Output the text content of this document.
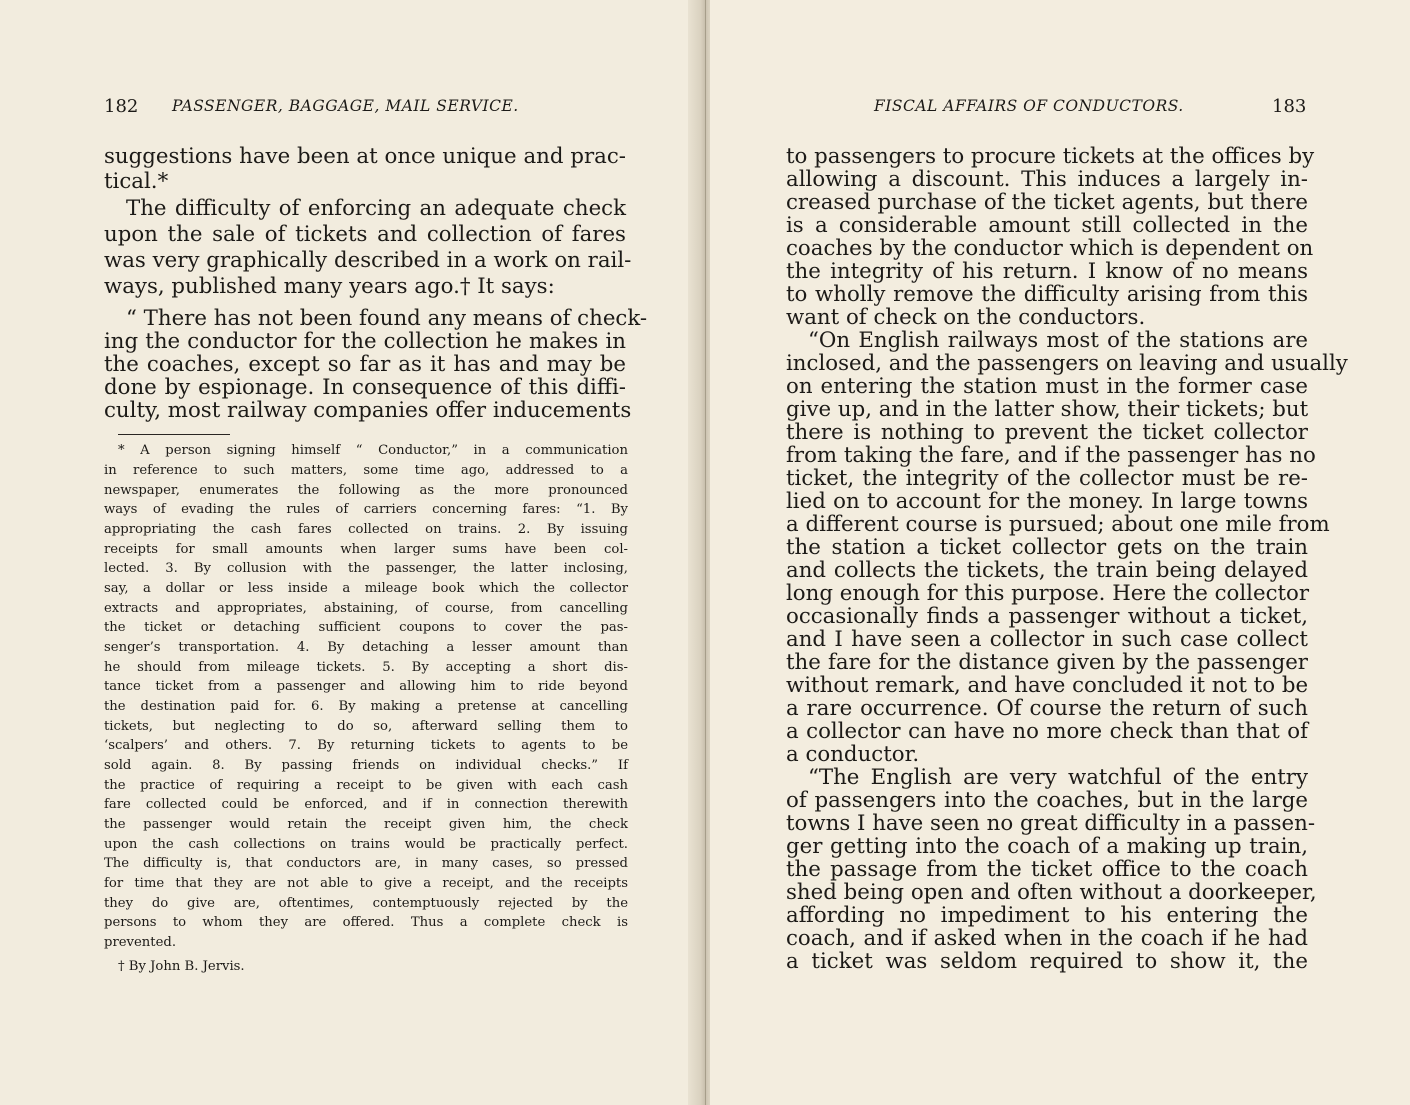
182 PASSENGER, BAGGAGE, MAIL SERVICE.
suggestions have been at once unique and prac-
tical.*
The difficulty of enforcing an adequate check
upon the sale of tickets and collection of fares
was very graphically described in a work on rail-
ways, published many years ago.† It says:
“ There has not been found any means of check-
ing the conductor for the collection he makes in
the coaches, except so far as it has and may be
done by espionage. In consequence of this diffi-
culty, most railway companies offer inducements
* A person signing himself “ Conductor,” in a communication
in reference to such matters, some time ago, addressed to a
newspaper, enumerates the following as the more pronounced
ways of evading the rules of carriers concerning fares: “1. By
appropriating the cash fares collected on trains. 2. By issuing
receipts for small amounts when larger sums have been col-
lected. 3. By collusion with the passenger, the latter inclosing,
say, a dollar or less inside a mileage book which the collector
extracts and appropriates, abstaining, of course, from cancelling
the ticket or detaching sufficient coupons to cover the pas-
senger’s transportation. 4. By detaching a lesser amount than
he should from mileage tickets. 5. By accepting a short dis-
tance ticket from a passenger and allowing him to ride beyond
the destination paid for. 6. By making a pretense at cancelling
tickets, but neglecting to do so, afterward selling them to
‘scalpers’ and others. 7. By returning tickets to agents to be
sold again. 8. By passing friends on individual checks.” If
the practice of requiring a receipt to be given with each cash
fare collected could be enforced, and if in connection therewith
the passenger would retain the receipt given him, the check
upon the cash collections on trains would be practically perfect.
The difficulty is, that conductors are, in many cases, so pressed
for time that they are not able to give a receipt, and the receipts
they do give are, oftentimes, contemptuously rejected by the
persons to whom they are offered. Thus a complete check is
prevented.
† By John B. Jervis.
FISCAL AFFAIRS OF CONDUCTORS.	183
to passengers to procure tickets at the offices by
allowing a discount. This induces a largely in-
creased purchase of the ticket agents, but there
is a considerable amount still collected in the
coaches by the conductor which is dependent on
the integrity of his return. I know of no means
to wholly remove the difficulty arising from this
want of check on the conductors.
“On English railways most of the stations are
inclosed, and the passengers on leaving and usually
on entering the station must in the former case
give up, and in the latter show, their tickets; but
there is nothing to prevent the ticket collector
from taking the fare, and if the passenger has no
ticket, the integrity of the collector must be re-
lied on to account for the money. In large towns
a different course is pursued; about one mile from
the station a ticket collector gets on the train
and collects the tickets, the train being delayed
long enough for this purpose. Here the collector
occasionally finds a passenger without a ticket,
and I have seen a collector in such case collect
the fare for the distance given by the passenger
without remark, and have concluded it not to be
a rare occurrence. Of course the return of such
a collector can have no more check than that of
a conductor.
“The English are very watchful of the entry
of passengers into the coaches, but in the large
towns I have seen no great difficulty in a passen-
ger getting into the coach of a making up train,
the passage from the ticket office to the coach
shed being open and often without a doorkeeper,
affording no impediment to his entering the
coach, and if asked when in the coach if he had
a ticket was seldom required to show it, the
